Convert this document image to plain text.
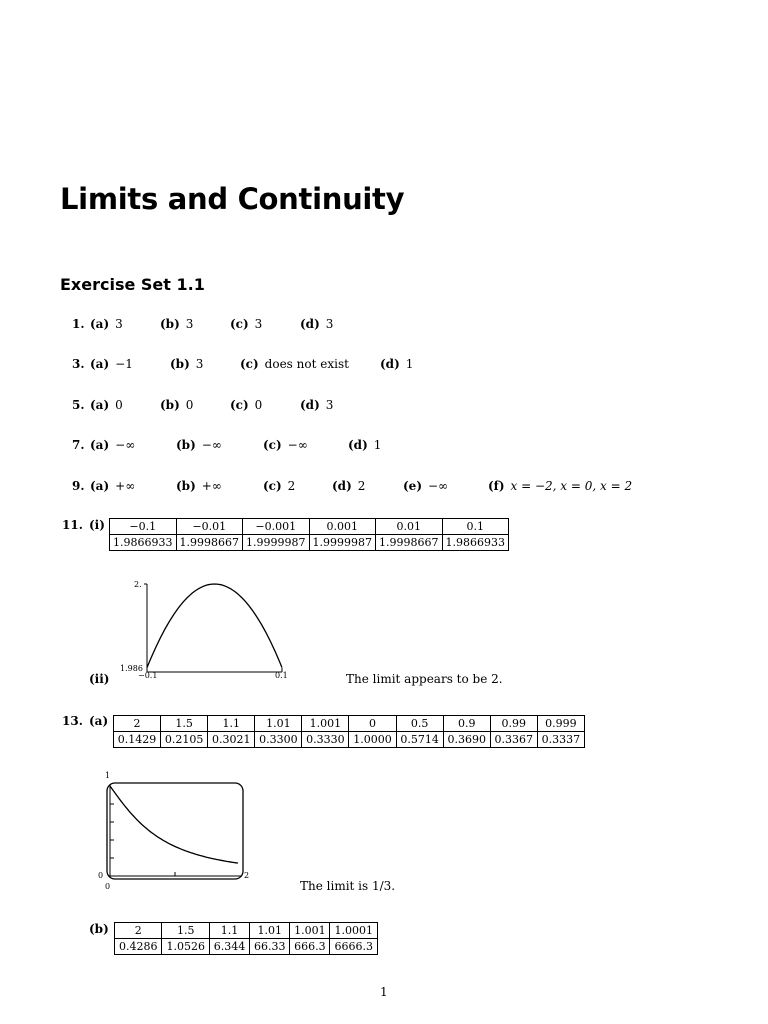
Limits and Continuity
Exercise Set 1.1
1. (a) 3	(b) 3	(c) 3	(d) 3
3. (a) −1	(b) 3	(c) does not exist	(d) 1
5. (a) 0	(b) 0	(c) 0	(d) 3
7. (a) −∞	(b) −∞	(c) −∞	(d) 1
9. (a) +∞	(b) +∞	(c) 2	(d) 2	(e) −∞	(f) x = −2, x = 0, x = 2
11. (i) −0.1	−0.01	−0.001	0.001	0.01	0.1
1.9866933	1.9998667	1.9999987	1.9999987	1.9998667	1.9866933
2.
1.986
−0.1	0.1
(ii)	The limit appears to be 2.
13. (a) 2	1.5	1.1	1.01	1.001	0	0.5	0.9	0.99	0.999
0.1429	0.2105	0.3021	0.3300	0.3330	1.0000	0.5714	0.3690	0.3367	0.3337
1
0
0
2
The limit is 1/3.
(b) 2	1.5	1.1	1.01	1.001	1.0001
0.4286	1.0526	6.344	66.33	666.3	6666.3
1
